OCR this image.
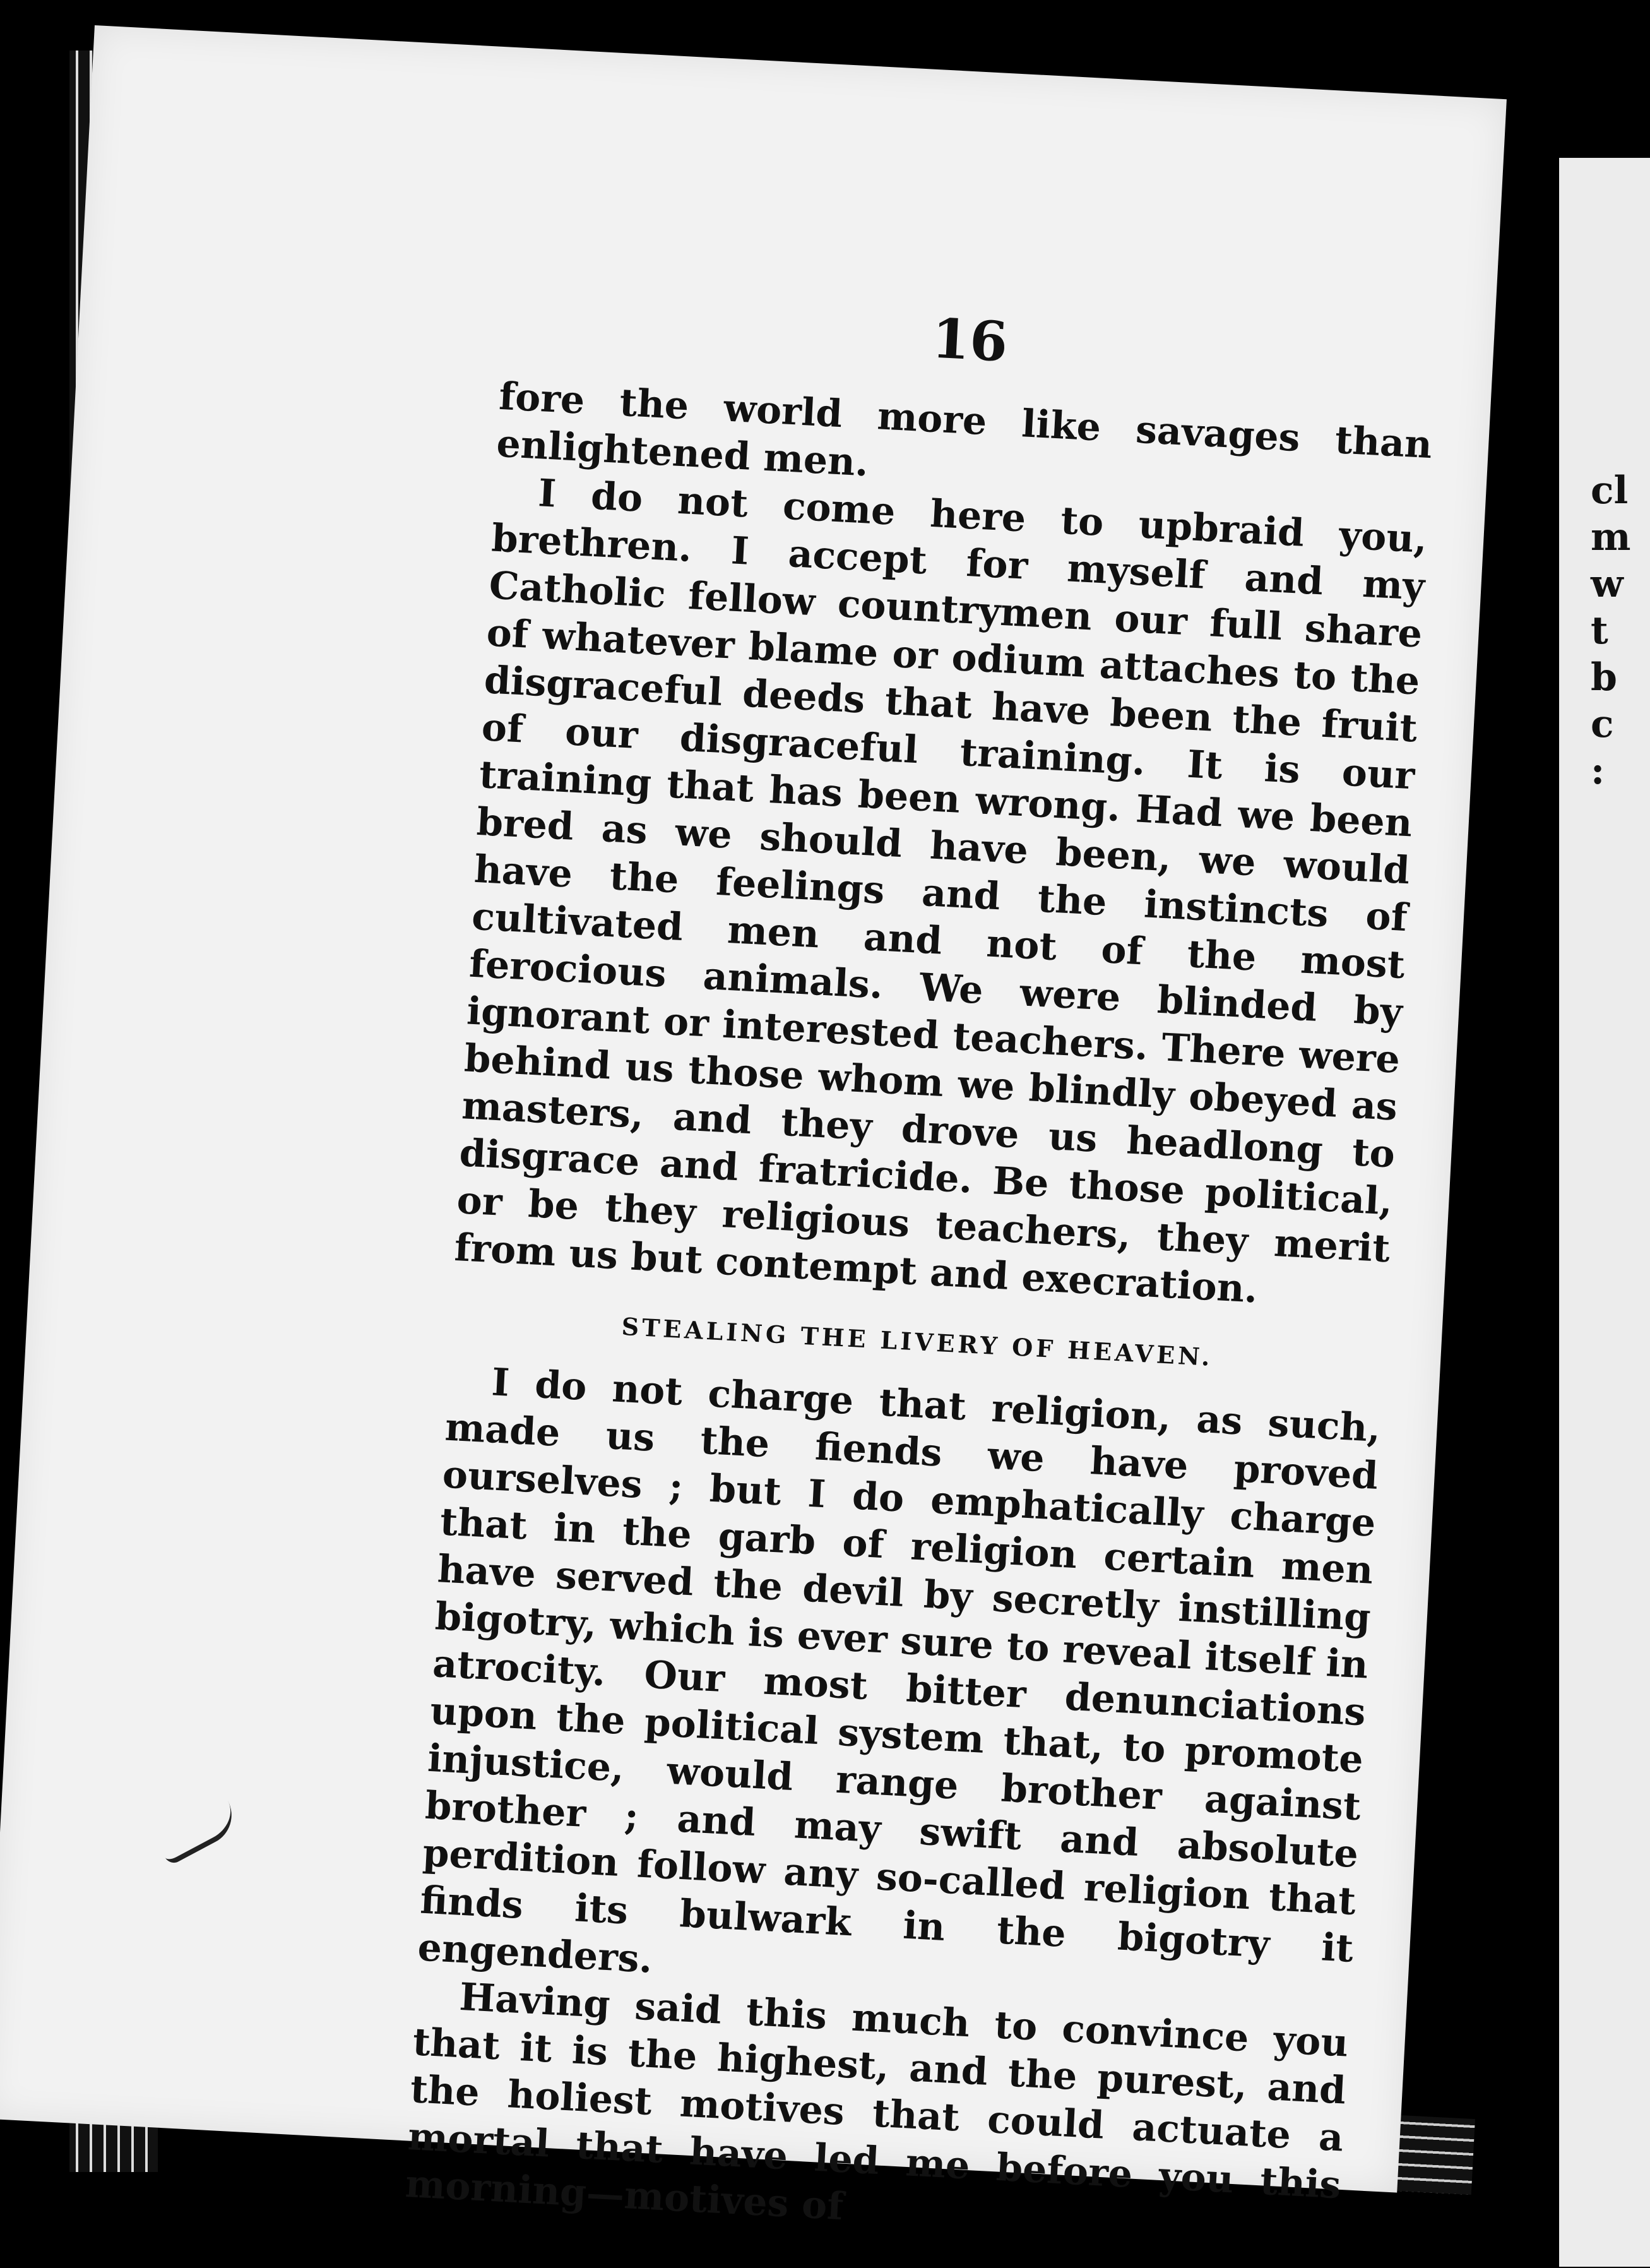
cl
m
w
t
b
c
:
16

fore the world more like savages than enlightened men.

I do not come here to upbraid you, brethren. I accept for myself and my Catholic fellow countrymen our full share of whatever blame or odium attaches to the disgraceful deeds that have been the fruit of our disgraceful training. It is our training that has been wrong. Had we been bred as we should have been, we would have the feelings and the instincts of cultivated men and not of the most ferocious animals. We were blinded by ignorant or interested teachers. There were behind us those whom we blindly obeyed as masters, and they drove us headlong to disgrace and fratricide. Be those political, or be they religious teachers, they merit from us but contempt and execration.

STEALING THE LIVERY OF HEAVEN.

I do not charge that religion, as such, made us the fiends we have proved ourselves ; but I do emphatically charge that in the garb of religion certain men have served the devil by secretly instilling bigotry, which is ever sure to reveal itself in atrocity. Our most bitter denunciations upon the political system that, to promote injustice, would range brother against brother ; and may swift and absolute perdition follow any so-called religion that finds its bulwark in the bigotry it engenders.

Having said this much to convince you that it is the highest, and the purest, and the holiest motives that could actuate a mortal that have led me before you this morning—motives of
